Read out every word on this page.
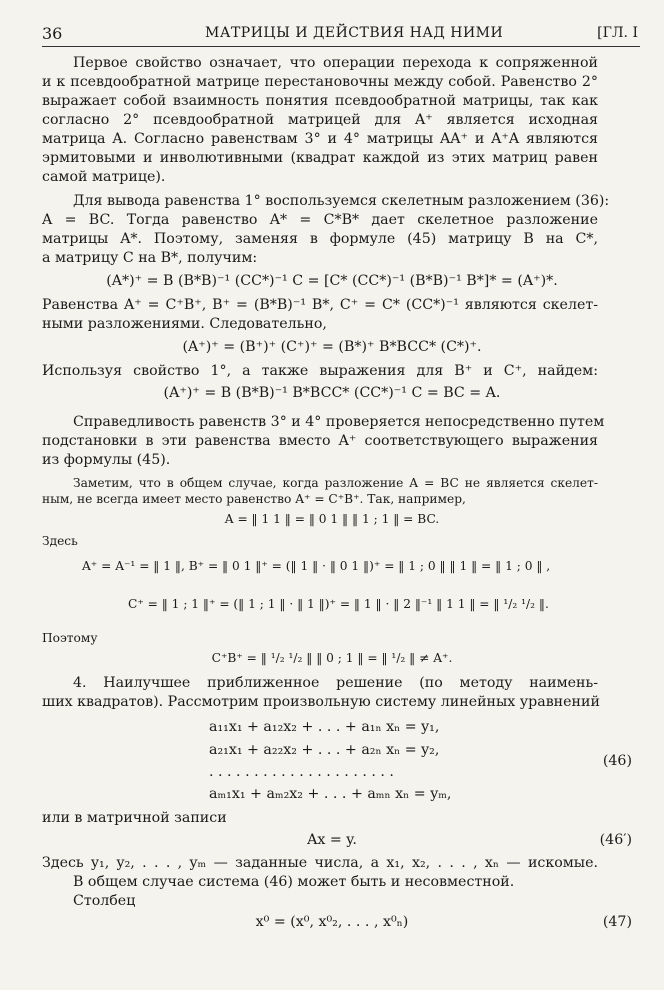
36	МАТРИЦЫ И ДЕЙСТВИЯ НАД НИМИ	[ГЛ. I
Первое свойство означает, что операции перехода к сопряженной
и к псевдообратной матрице перестановочны между собой. Равенство 2°
выражает собой взаимность понятия псевдообратной матрицы, так как
согласно 2° псевдообратной матрицей для A⁺ является исходная
матрица A. Согласно равенствам 3° и 4° матрицы AA⁺ и A⁺A являются
эрмитовыми и инволютивными (квадрат каждой из этих матриц равен
самой матрице).
Для вывода равенства 1° воспользуемся скелетным разложением (36):
A = BC. Тогда равенство A* = C*B* дает скелетное разложение
матрицы A*. Поэтому, заменяя в формуле (45) матрицу B на C*,
а матрицу C на B*, получим:
(A*)⁺ = B (B*B)⁻¹ (CC*)⁻¹ C = [C* (CC*)⁻¹ (B*B)⁻¹ B*]* = (A⁺)*.
Равенства A⁺ = C⁺B⁺, B⁺ = (B*B)⁻¹ B*, C⁺ = C* (CC*)⁻¹ являются скелет-
ными разложениями. Следовательно,
(A⁺)⁺ = (B⁺)⁺ (C⁺)⁺ = (B*)⁺ B*BCC* (C*)⁺.
Используя свойство 1°, а также выражения для B⁺ и C⁺, найдем:
(A⁺)⁺ = B (B*B)⁻¹ B*BCC* (CC*)⁻¹ C = BC = A.
Справедливость равенств 3° и 4° проверяется непосредственно путем
подстановки в эти равенства вместо A⁺ соответствующего выражения
из формулы (45).
Заметим, что в общем случае, когда разложение A = BC не является скелет-
ным, не всегда имеет место равенство A⁺ = C⁺B⁺. Так, например,
A = ‖ 1 1 ‖ = ‖ 0 1 ‖ ‖ 1 ; 1 ‖ = BC.
Здесь
A⁺ = A⁻¹ = ‖ 1 ‖, B⁺ = ‖ 0 1 ‖⁺ = (‖ 1 ‖ · ‖ 0 1 ‖)⁺ = ‖ 1 ; 0 ‖ ‖ 1 ‖ = ‖ 1 ; 0 ‖ ,
C⁺ = ‖ 1 ; 1 ‖⁺ = (‖ 1 ; 1 ‖ · ‖ 1 ‖)⁺ = ‖ 1 ‖ · ‖ 2 ‖⁻¹ ‖ 1 1 ‖ = ‖ ¹/₂ ¹/₂ ‖.
Поэтому
C⁺B⁺ = ‖ ¹/₂ ¹/₂ ‖ ‖ 0 ; 1 ‖ = ‖ ¹/₂ ‖ ≠ A⁺.
4. Наилучшее приближенное решение (по методу наимень-
ших квадратов). Рассмотрим произвольную систему линейных уравнений
a₁₁x₁ + a₁₂x₂ + . . . + a₁ₙ xₙ = y₁,
a₂₁x₁ + a₂₂x₂ + . . . + a₂ₙ xₙ = y₂,
. . . . . . . . . . . . . . . . . . . . .
aₘ₁x₁ + aₘ₂x₂ + . . . + aₘₙ xₙ = yₘ,
или в матричной записи
Ax = y.
Здесь y₁, y₂, . . . , yₘ — заданные числа, а x₁, x₂, . . . , xₙ — искомые.
В общем случае система (46) может быть и несовместной.
Столбец
x⁰ = (x⁰, x⁰₂, . . . , x⁰ₙ)
(46)
(46′)
(47)
